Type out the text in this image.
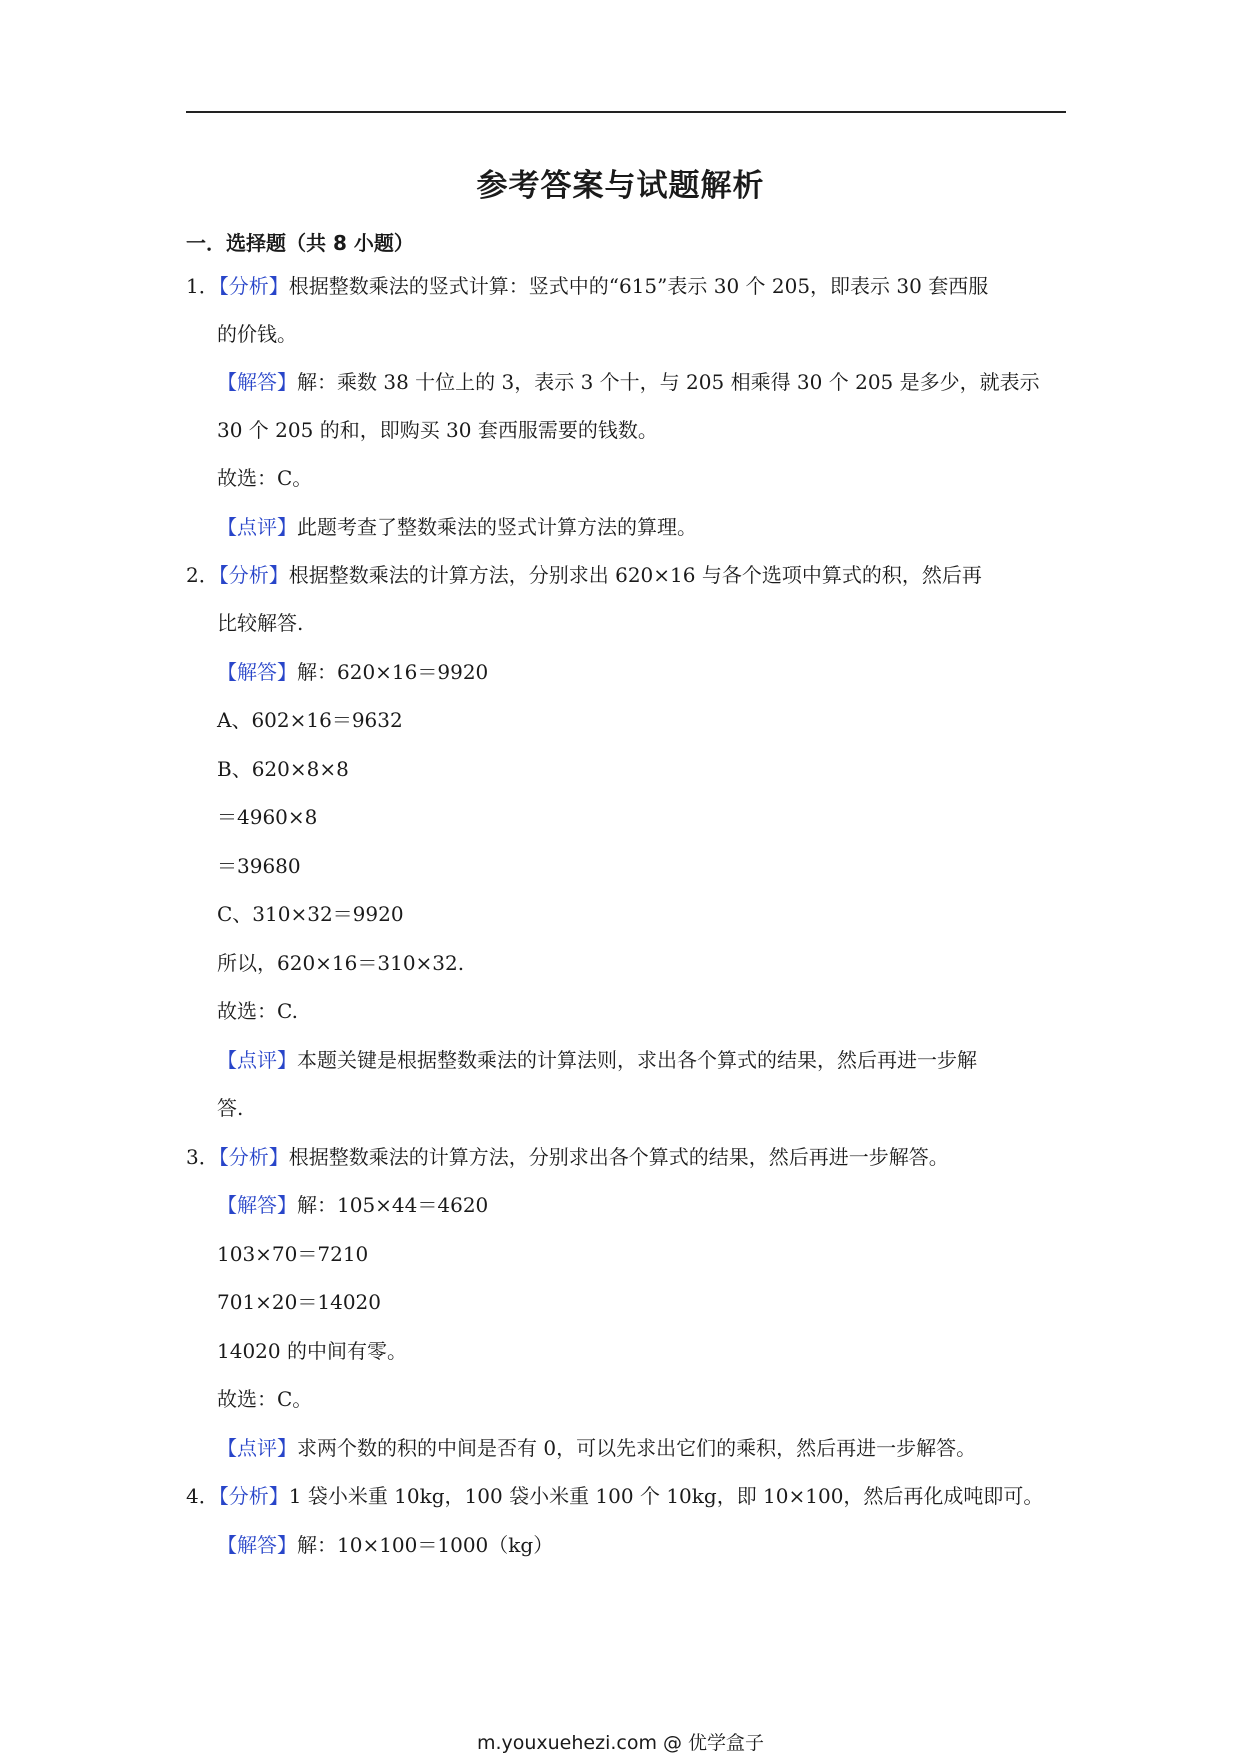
参考答案与试题解析
一．选择题（共 8 小题）
1．【分析】根据整数乘法的竖式计算：竖式中的“615”表示 30 个 205，即表示 30 套西服
的价钱。
【解答】解：乘数 38 十位上的 3，表示 3 个十，与 205 相乘得 30 个 205 是多少，就表示
30 个 205 的和，即购买 30 套西服需要的钱数。
故选：C。
【点评】此题考查了整数乘法的竖式计算方法的算理。
2．【分析】根据整数乘法的计算方法，分别求出 620×16 与各个选项中算式的积，然后再
比较解答.
【解答】解：620×16＝9920
A、602×16＝9632
B、620×8×8
＝4960×8
＝39680
C、310×32＝9920
所以，620×16＝310×32.
故选：C.
【点评】本题关键是根据整数乘法的计算法则，求出各个算式的结果，然后再进一步解
答.
3．【分析】根据整数乘法的计算方法，分别求出各个算式的结果，然后再进一步解答。
【解答】解：105×44＝4620
103×70＝7210
701×20＝14020
14020 的中间有零。
故选：C。
【点评】求两个数的积的中间是否有 0，可以先求出它们的乘积，然后再进一步解答。
4．【分析】1 袋小米重 10kg，100 袋小米重 100 个 10kg，即 10×100，然后再化成吨即可。
【解答】解：10×100＝1000（kg）
m.youxuehezi.com @ 优学盒子
